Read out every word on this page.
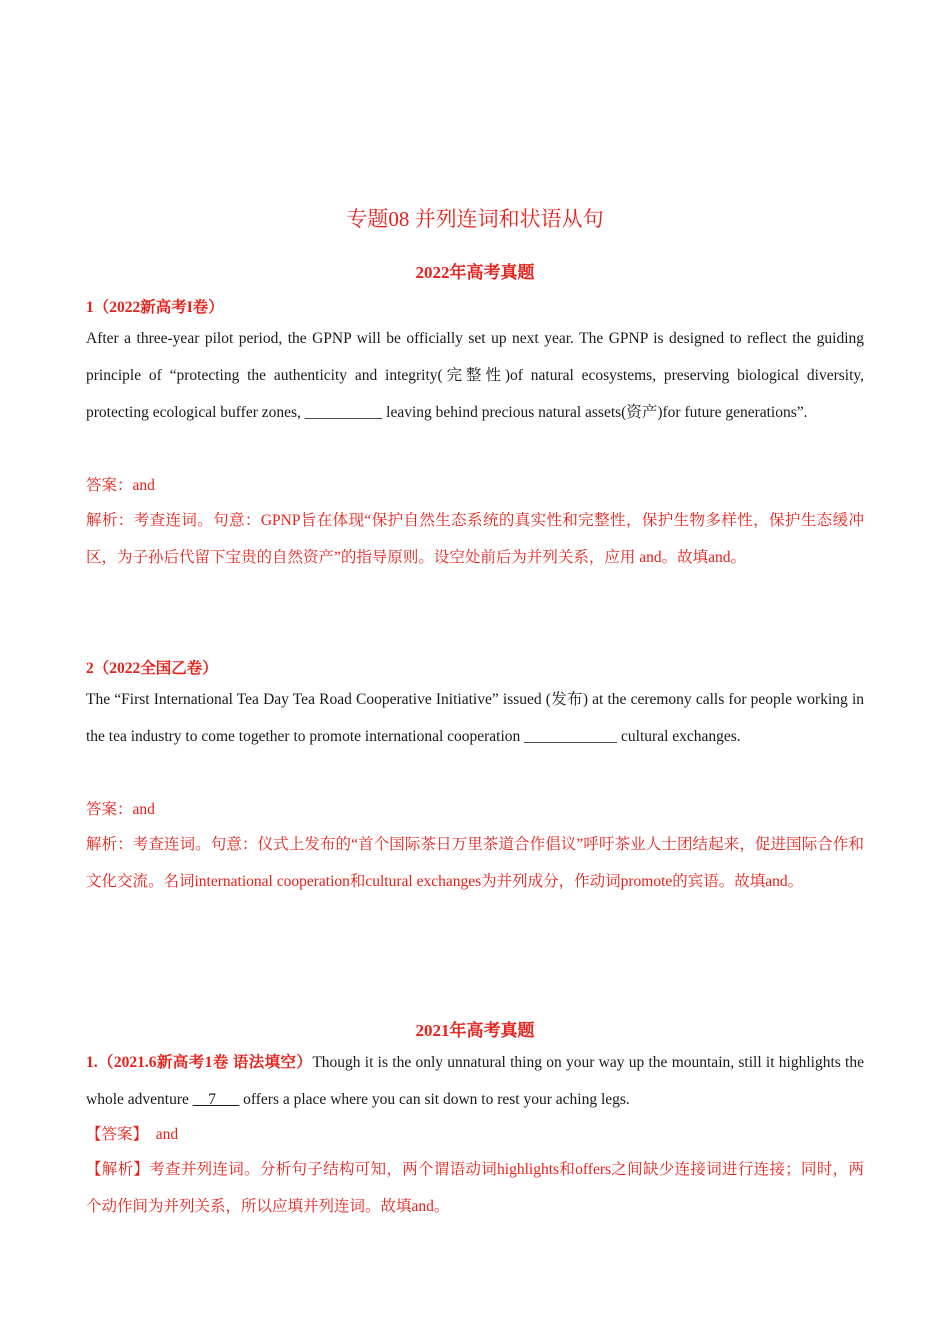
专题08 并列连词和状语从句
2022年高考真题
1（2022新高考I卷）
After a three-year pilot period, the GPNP will be officially set up next year. The GPNP is designed to reflect the guiding principle of “protecting the authenticity and integrity(完整性)of natural ecosystems, preserving biological diversity, protecting ecological buffer zones, __________ leaving behind precious natural assets(资产)for future generations”.
答案：and
解析：考查连词。句意：GPNP旨在体现“保护自然生态系统的真实性和完整性，保护生物多样性，保护生态缓冲区，为子孙后代留下宝贵的自然资产”的指导原则。设空处前后为并列关系，应用 and。故填and。
2（2022全国乙卷）
The “First International Tea Day Tea Road Cooperative Initiative” issued (发布) at the ceremony calls for people working in the tea industry to come together to promote international cooperation ____________ cultural exchanges.
答案：and
解析：考查连词。句意：仪式上发布的“首个国际茶日万里茶道合作倡议”呼吁茶业人士团结起来，促进国际合作和文化交流。名词international cooperation和cultural exchanges为并列成分，作动词promote的宾语。故填and。
2021年高考真题
1.（2021.6新高考1卷 语法填空）Though it is the only unnatural thing on your way up the mountain, still it highlights the whole adventure __7___ offers a place where you can sit down to rest your aching legs.
【答案】 and
【解析】考查并列连词。分析句子结构可知，两个谓语动词highlights和offers之间缺少连接词进行连接；同时，两个动作间为并列关系，所以应填并列连词。故填and。
